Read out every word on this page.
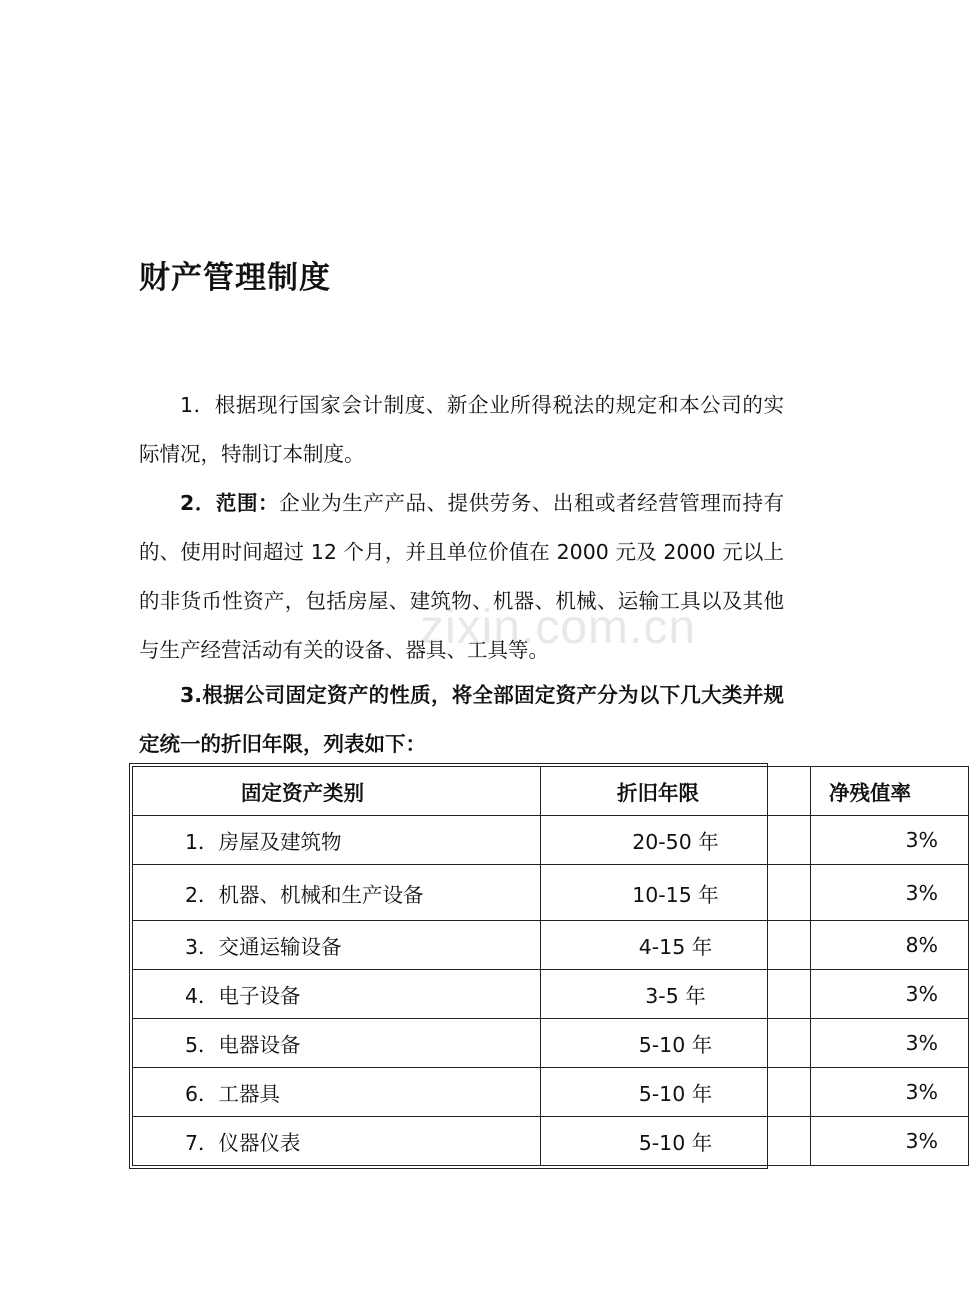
财产管理制度

1．根据现行国家会计制度、新企业所得税法的规定和本公司的实际情况，特制订本制度。

2．范围：企业为生产产品、提供劳务、出租或者经营管理而持有的、使用时间超过 12 个月，并且单位价值在 2000 元及 2000 元以上的非货币性资产，包括房屋、建筑物、机器、机械、运输工具以及其他与生产经营活动有关的设备、器具、工具等。

zixin.com.cn

3.根据公司固定资产的性质，将全部固定资产分为以下几大类并规定统一的折旧年限，列表如下：

固定资产类别	折旧年限	净残值率
1．房屋及建筑物	20-50 年	3%
2．机器、机械和生产设备	10-15 年	3%
3．交通运输设备	4-15 年	8%
4．电子设备	3-5 年	3%
5．电器设备	5-10 年	3%
6．工器具	5-10 年	3%
7．仪器仪表	5-10 年	3%
